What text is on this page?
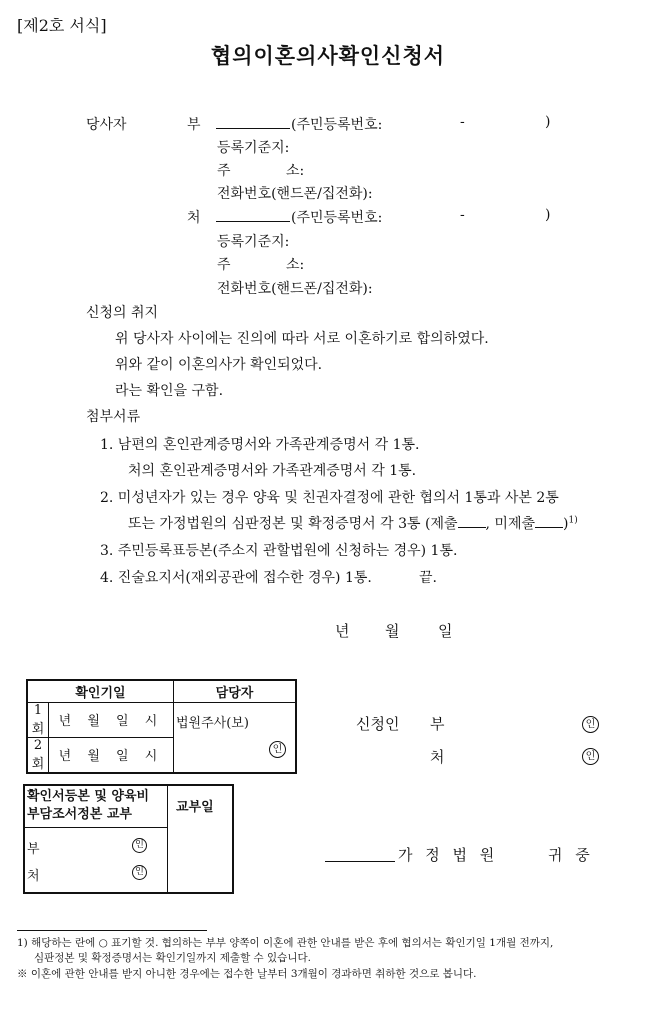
[제2호 서식]
협의이혼의사확인신청서
당사자	부	(주민등록번호:	-	)
등록기준지:
주	소:
전화번호(핸드폰/집전화):
처	(주민등록번호:	-	)
등록기준지:
주	소:
전화번호(핸드폰/집전화):
신청의 취지
위 당사자 사이에는 진의에 따라 서로 이혼하기로 합의하였다.
위와 같이 이혼의사가 확인되었다.
라는 확인을 구함.
첨부서류
1. 남편의 혼인관계증명서와 가족관계증명서 각 1통.
처의 혼인관계증명서와 가족관계증명서 각 1통.
2. 미성년자가 있는 경우 양육 및 친권자결정에 관한 협의서 1통과 사본 2통
또는 가정법원의 심판정본 및 확정증명서 각 3통 (제출 , 미제출 )$^{1)}$
3. 주민등록표등본(주소지 관할법원에 신청하는 경우) 1통.
4. 진술요지서(재외공관에 접수한 경우) 1통.	끝.
년 월	일
확인기일		담당자
1회	년 월 일 시	법원주사(보)
인

2회	년 월 일 시	
신청인 부	인
처	인
확인서등본 및 양육비 부담조서정본 교부	교부일

부	인
처	인
가 정 법 원	귀 중
1) 해당하는 란에 ○ 표기할 것. 협의하는 부부 양쪽이 이혼에 관한 안내를 받은 후에 협의서는 확인기일 1개월 전까지,
심판정본 및 확정증명서는 확인기일까지 제출할 수 있습니다.
※ 이혼에 관한 안내를 받지 아니한 경우에는 접수한 날부터 3개월이 경과하면 취하한 것으로 봅니다.
